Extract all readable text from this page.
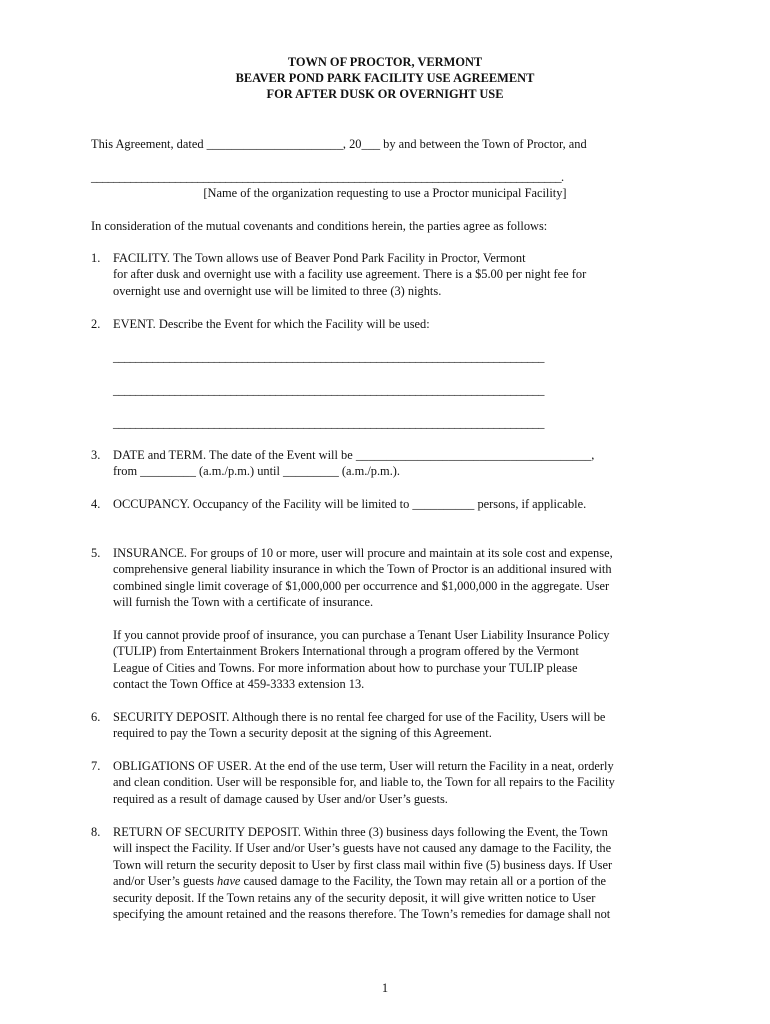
TOWN OF PROCTOR, VERMONT
BEAVER POND PARK FACILITY USE AGREEMENT
FOR AFTER DUSK OR OVERNIGHT USE
This Agreement, dated ______________________, 20___ by and between the Town of Proctor, and
____________________________________________________________________________________.
[Name of the organization requesting to use a Proctor municipal Facility]
In consideration of the mutual covenants and conditions herein, the parties agree as follows:
1. FACILITY. The Town allows use of Beaver Pond Park Facility in Proctor, Vermont
for after dusk and overnight use with a facility use agreement. There is a $5.00 per night fee for
overnight use and overnight use will be limited to three (3) nights.
2. EVENT. Describe the Event for which the Facility will be used:
_____________________________________________________________________________
_____________________________________________________________________________
_____________________________________________________________________________
3. DATE and TERM. The date of the Event will be ______________________________________,
from _________ (a.m./p.m.) until _________ (a.m./p.m.).
4. OCCUPANCY. Occupancy of the Facility will be limited to __________ persons, if applicable.
5. INSURANCE. For groups of 10 or more, user will procure and maintain at its sole cost and expense,
comprehensive general liability insurance in which the Town of Proctor is an additional insured with
combined single limit coverage of $1,000,000 per occurrence and $1,000,000 in the aggregate. User
will furnish the Town with a certificate of insurance.
If you cannot provide proof of insurance, you can purchase a Tenant User Liability Insurance Policy
(TULIP) from Entertainment Brokers International through a program offered by the Vermont
League of Cities and Towns. For more information about how to purchase your TULIP please
contact the Town Office at 459-3333 extension 13.
6. SECURITY DEPOSIT. Although there is no rental fee charged for use of the Facility, Users will be
required to pay the Town a security deposit at the signing of this Agreement.
7. OBLIGATIONS OF USER. At the end of the use term, User will return the Facility in a neat, orderly
and clean condition. User will be responsible for, and liable to, the Town for all repairs to the Facility
required as a result of damage caused by User and/or User’s guests.
8. RETURN OF SECURITY DEPOSIT. Within three (3) business days following the Event, the Town
will inspect the Facility. If User and/or User’s guests have not caused any damage to the Facility, the
Town will return the security deposit to User by first class mail within five (5) business days. If User
and/or User’s guests have caused damage to the Facility, the Town may retain all or a portion of the
security deposit. If the Town retains any of the security deposit, it will give written notice to User
specifying the amount retained and the reasons therefore. The Town’s remedies for damage shall not
1
